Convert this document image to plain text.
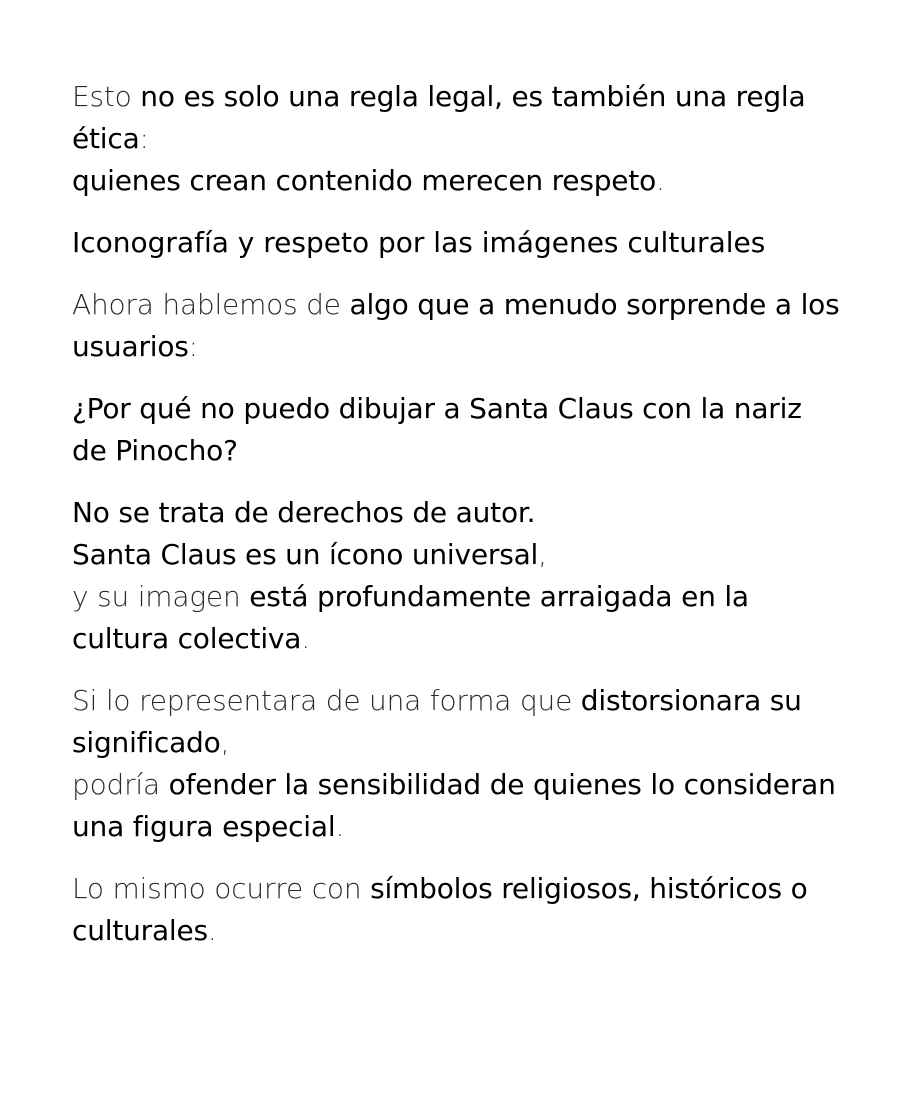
Esto no es solo una regla legal, es también una regla ética:
quienes crean contenido merecen respeto.

Iconografía y respeto por las imágenes culturales

Ahora hablemos de algo que a menudo sorprende a los usuarios:

¿Por qué no puedo dibujar a Santa Claus con la nariz de Pinocho?

No se trata de derechos de autor.
Santa Claus es un ícono universal,
y su imagen está profundamente arraigada en la cultura colectiva.

Si lo representara de una forma que distorsionara su significado,
podría ofender la sensibilidad de quienes lo consideran una figura especial.

Lo mismo ocurre con símbolos religiosos, históricos o culturales.
